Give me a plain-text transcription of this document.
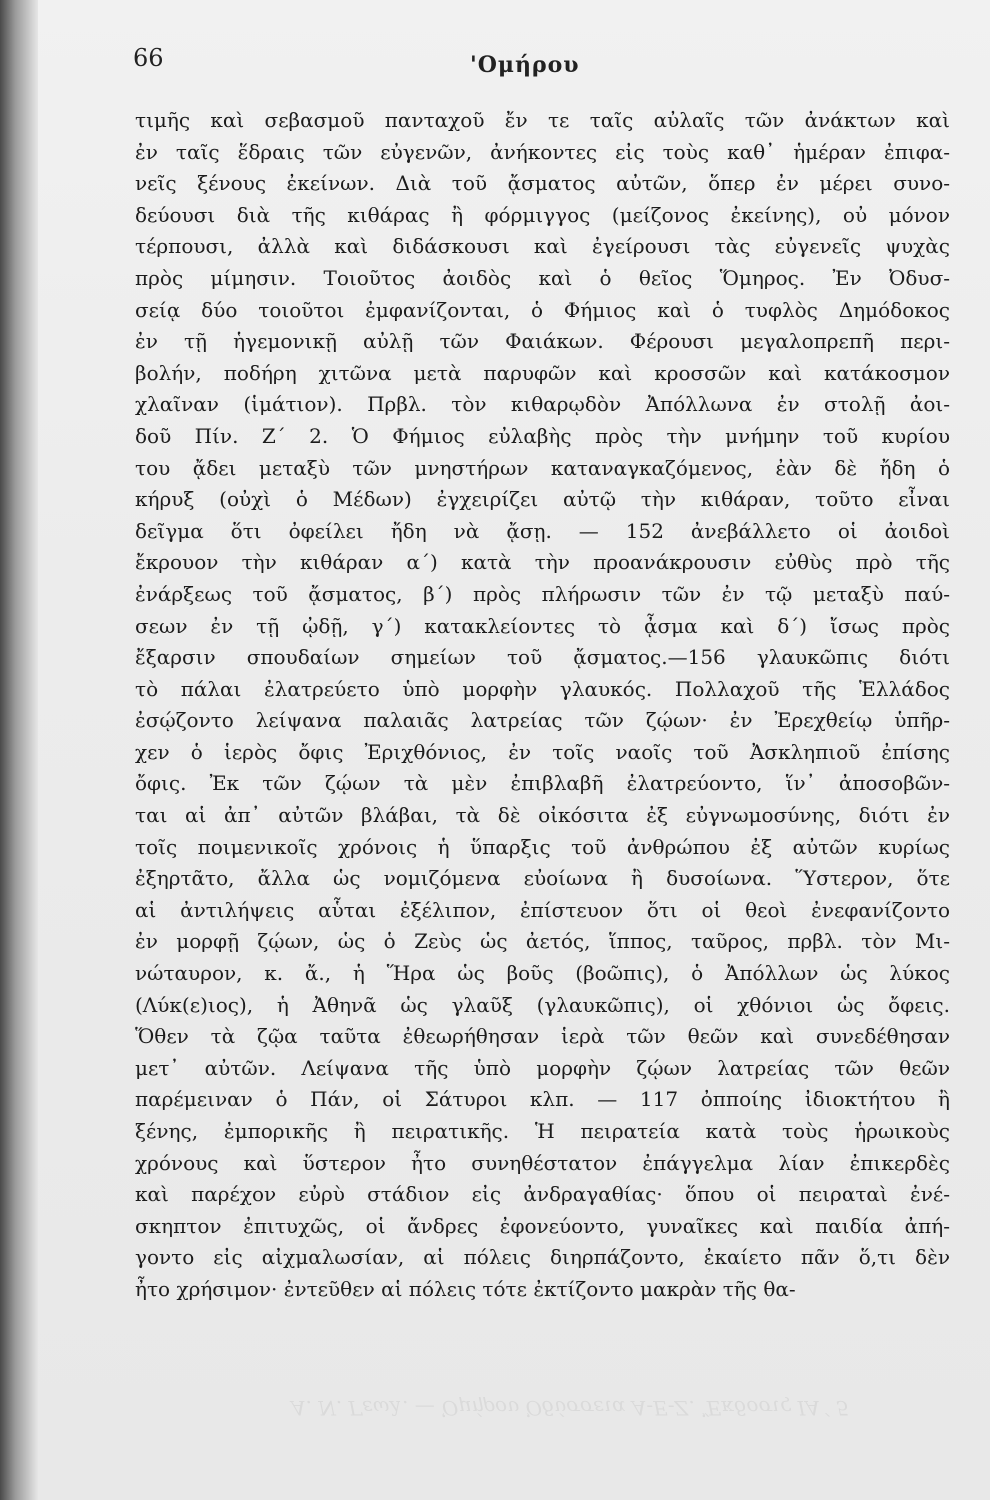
66	'Ομήρου
τιμῆς καὶ σεβασμοῦ πανταχοῦ ἔν τε ταῖς αὐλαῖς τῶν ἀνάκτων καὶ
ἐν ταῖς ἕδραις τῶν εὐγενῶν, ἀνήκοντες εἰς τοὺς καθ᾽ ἡμέραν ἐπιφα-
νεῖς ξένους ἐκείνων. Διὰ τοῦ ᾄσματος αὐτῶν, ὅπερ ἐν μέρει συνο-
δεύουσι διὰ τῆς κιθάρας ἢ φόρμιγγος (μείζονος ἐκείνης), οὐ μόνον
τέρπουσι, ἀλλὰ καὶ διδάσκουσι καὶ ἐγείρουσι τὰς εὐγενεῖς ψυχὰς
πρὸς μίμησιν. Τοιοῦτος ἀοιδὸς καὶ ὁ θεῖος Ὅμηρος. Ἐν Ὀδυσ-
σείᾳ δύο τοιοῦτοι ἐμφανίζονται, ὁ Φήμιος καὶ ὁ τυφλὸς Δημόδοκος
ἐν τῇ ἡγεμονικῇ αὐλῇ τῶν Φαιάκων. Φέρουσι μεγαλοπρεπῆ περι-
βολήν, ποδήρη χιτῶνα μετὰ παρυφῶν καὶ κροσσῶν καὶ κατάκοσμον
χλαῖναν (ἱμάτιον). Πρβλ. τὸν κιθαρῳδὸν Ἀπόλλωνα ἐν στολῇ ἀοι-
δοῦ Πίν. Ζ΄ 2. Ὁ Φήμιος εὐλαβὴς πρὸς τὴν μνήμην τοῦ κυρίου
του ᾄδει μεταξὺ τῶν μνηστήρων καταναγκαζόμενος, ἐὰν δὲ ἤδη ὁ
κήρυξ (οὐχὶ ὁ Μέδων) ἐγχειρίζει αὐτῷ τὴν κιθάραν, τοῦτο εἶναι
δεῖγμα ὅτι ὀφείλει ἤδη νὰ ᾄσῃ. — 152 ἀνεβάλλετο οἱ ἀοιδοὶ
ἔκρουον τὴν κιθάραν α΄) κατὰ τὴν προανάκρουσιν εὐθὺς πρὸ τῆς
ἐνάρξεως τοῦ ᾄσματος, β΄) πρὸς πλήρωσιν τῶν ἐν τῷ μεταξὺ παύ-
σεων ἐν τῇ ᾠδῇ, γ΄) κατακλείοντες τὸ ᾆσμα καὶ δ΄) ἴσως πρὸς
ἔξαρσιν σπουδαίων σημείων τοῦ ᾄσματος.—156 γλαυκῶπις διότι
τὸ πάλαι ἐλατρεύετο ὑπὸ μορφὴν γλαυκός. Πολλαχοῦ τῆς Ἑλλάδος
ἐσῴζοντο λείψανα παλαιᾶς λατρείας τῶν ζῴων· ἐν Ἐρεχθείῳ ὑπῆρ-
χεν ὁ ἱερὸς ὄφις Ἐριχθόνιος, ἐν τοῖς ναοῖς τοῦ Ἀσκληπιοῦ ἐπίσης
ὄφις. Ἐκ τῶν ζῴων τὰ μὲν ἐπιβλαβῆ ἐλατρεύοντο, ἵν᾽ ἀποσοβῶν-
ται αἱ ἀπ᾽ αὐτῶν βλάβαι, τὰ δὲ οἰκόσιτα ἐξ εὐγνωμοσύνης, διότι ἐν
τοῖς ποιμενικοῖς χρόνοις ἡ ὕπαρξις τοῦ ἀνθρώπου ἐξ αὐτῶν κυρίως
ἐξηρτᾶτο, ἄλλα ὡς νομιζόμενα εὐοίωνα ἢ δυσοίωνα. Ὕστερον, ὅτε
αἱ ἀντιλήψεις αὗται ἐξέλιπον, ἐπίστευον ὅτι οἱ θεοὶ ἐνεφανίζοντο
ἐν μορφῇ ζῴων, ὡς ὁ Ζεὺς ὡς ἀετός, ἵππος, ταῦρος, πρβλ. τὸν Μι-
νώταυρον, κ. ἄ., ἡ Ἥρα ὡς βοῦς (βοῶπις), ὁ Ἀπόλλων ὡς λύκος
(Λύκ(ε)ιος), ἡ Ἀθηνᾶ ὡς γλαῦξ (γλαυκῶπις), οἱ χθόνιοι ὡς ὄφεις.
Ὅθεν τὰ ζῷα ταῦτα ἐθεωρήθησαν ἱερὰ τῶν θεῶν καὶ συνεδέθησαν
μετ᾽ αὐτῶν. Λείψανα τῆς ὑπὸ μορφὴν ζῴων λατρείας τῶν θεῶν
παρέμειναν ὁ Πάν, οἱ Σάτυροι κλπ. — 117 ὀπποίης ἰδιοκτήτου ἢ
ξένης, ἐμπορικῆς ἢ πειρατικῆς. Ἡ πειρατεία κατὰ τοὺς ἡρωικοὺς
χρόνους καὶ ὕστερον ἦτο συνηθέστατον ἐπάγγελμα λίαν ἐπικερδὲς
καὶ παρέχον εὐρὺ στάδιον εἰς ἀνδραγαθίας· ὅπου οἱ πειραταὶ ἐνέ-
σκηπτον ἐπιτυχῶς, οἱ ἄνδρες ἐφονεύοντο, γυναῖκες καὶ παιδία ἀπή-
γοντο εἰς αἰχμαλωσίαν, αἱ πόλεις διηρπάζοντο, ἐκαίετο πᾶν ὅ,τι δὲν
ἦτο χρήσιμον· ἐντεῦθεν αἱ πόλεις τότε ἐκτίζοντο μακρὰν τῆς θα-
Α. Ν. Γεωλ. — Ὁμήρου Ὀδύσσεια Α-Ε-Ζ. Ἔκδοσις ΙΑ΄ 5
